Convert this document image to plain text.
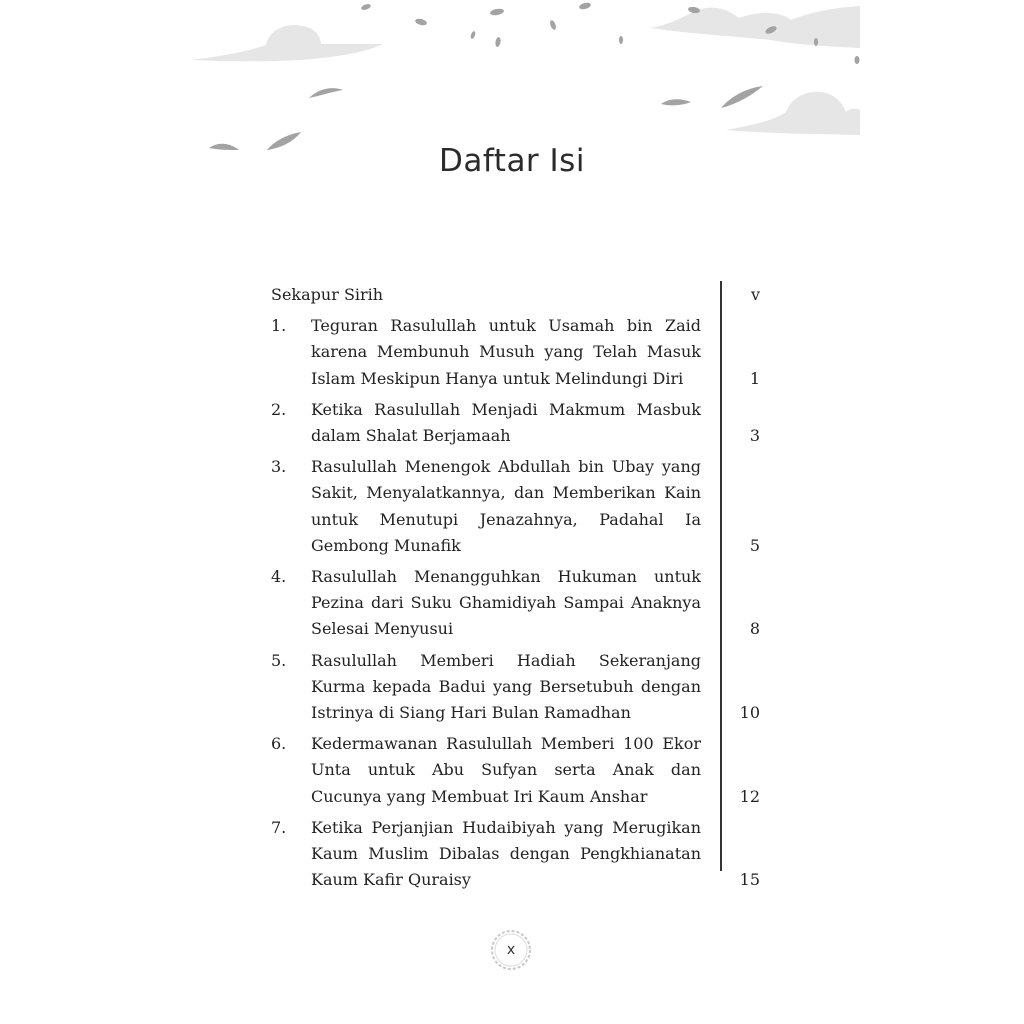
Daftar Isi
Sekapur Sirih	v
1.	Teguran Rasulullah untuk Usamah bin Zaid karena Membunuh Musuh yang Telah Masuk Islam Meskipun Hanya untuk Melindungi Diri	1
2.	Ketika Rasulullah Menjadi Makmum Masbuk dalam Shalat Berjamaah	3
3.	Rasulullah Menengok Abdullah bin Ubay yang Sakit, Menyalatkannya, dan Memberikan Kain untuk Menutupi Jenazahnya, Padahal Ia Gembong Munafik	5
4.	Rasulullah Menangguhkan Hukuman untuk Pezina dari Suku Ghamidiyah Sampai Anaknya Selesai Menyusui	8
5.	Rasulullah Memberi Hadiah Sekeranjang Kurma kepada Badui yang Bersetubuh dengan Istrinya di Siang Hari Bulan Ramadhan	10
6.	Kedermawanan Rasulullah Memberi 100 Ekor Unta untuk Abu Sufyan serta Anak dan Cucunya yang Membuat Iri Kaum Anshar	12
7.	Ketika Perjanjian Hudaibiyah yang Merugikan Kaum Muslim Dibalas dengan Pengkhianatan Kaum Kafir Quraisy	15
x
